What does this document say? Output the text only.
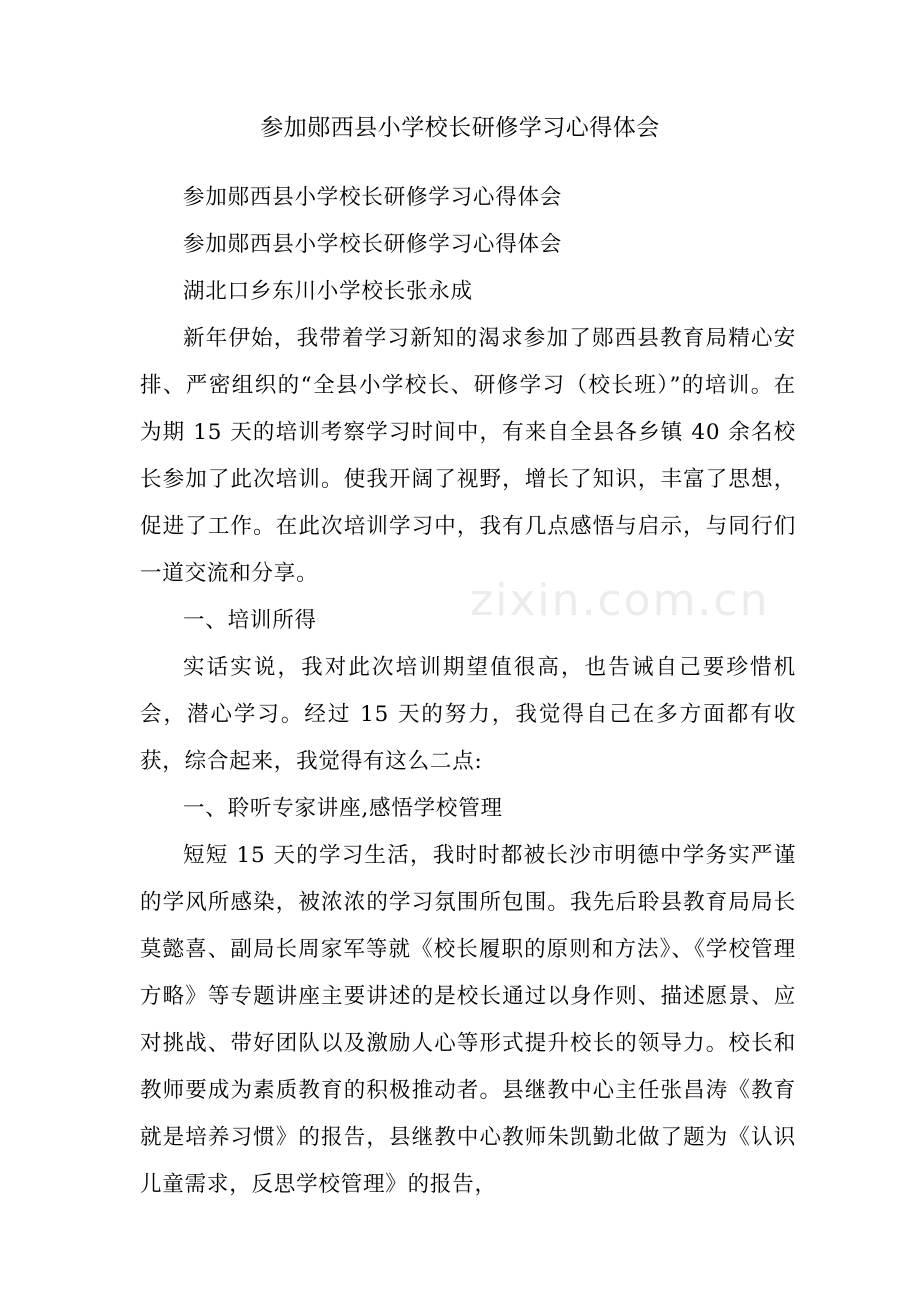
参加郧西县小学校长研修学习心得体会
zixin.com.cn

参加郧西县小学校长研修学习心得体会

参加郧西县小学校长研修学习心得体会

湖北口乡东川小学校长张永成

新年伊始，我带着学习新知的渴求参加了郧西县教育局精心安排、严密组织的“全县小学校长、研修学习（校长班）”的培训。在为期 15 天的培训考察学习时间中，有来自全县各乡镇 40 余名校长参加了此次培训。使我开阔了视野，增长了知识，丰富了思想，促进了工作。在此次培训学习中，我有几点感悟与启示，与同行们一道交流和分享。

一、培训所得

实话实说，我对此次培训期望值很高，也告诫自己要珍惜机会，潜心学习。经过 15 天的努力，我觉得自己在多方面都有收获，综合起来，我觉得有这么二点:

一、聆听专家讲座,感悟学校管理

短短 15 天的学习生活，我时时都被长沙市明德中学务实严谨的学风所感染，被浓浓的学习氛围所包围。我先后聆县教育局局长莫懿喜、副局长周家军等就《校长履职的原则和方法》、《学校管理方略》等专题讲座主要讲述的是校长通过以身作则、描述愿景、应对挑战、带好团队以及激励人心等形式提升校长的领导力。校长和教师要成为素质教育的积极推动者。县继教中心主任张昌涛《教育就是培养习惯》的报告，县继教中心教师朱凯勤北做了题为《认识儿童需求，反思学校管理》的报告，
